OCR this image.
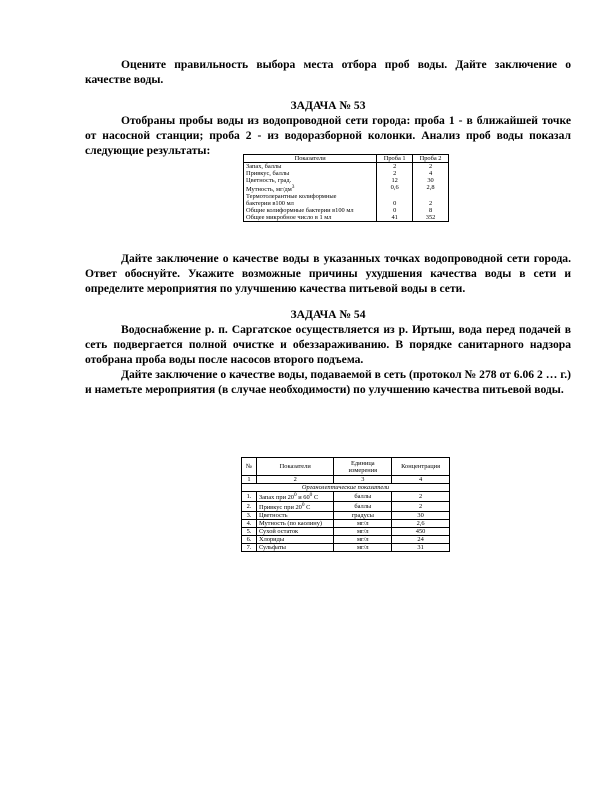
Оцените правильность выбора места отбора проб воды. Дайте заключение о качестве воды.

ЗАДАЧА № 53

Отобраны пробы воды из водопроводной сети города: проба 1 - в ближайшей точке от насосной станции; проба 2 - из водоразборной колонки. Анализ проб воды показал следующие результаты:

Показатели	Проба 1	Проба 2
Запах, баллы	2	2
Привкус, баллы	2	4
Цветность, град.	12	30
Мутность, $мг/дм^3$	0,6	2,8
Термотолерантные колиформные		
бактерии в100 мл	0	2
Общие колиформные бактерии в100 мл	0	8
Общее микробное число в 1 мл	41	352

Дайте заключение о качестве воды в указанных точках водопроводной сети города. Ответ обоснуйте. Укажите возможные причины ухудшения качества воды в сети и определите мероприятия по улучшению качества питьевой воды в сети.

ЗАДАЧА № 54

Водоснабжение р. п. Саргатское осуществляется из р. Иртыш, вода перед подачей в сеть подвергается полной очистке и обеззараживанию. В порядке санитарного надзора отобрана проба воды после насосов второго подъема.

Дайте заключение о качестве воды, подаваемой в сеть (протокол № 278 от 6.06 2 … г.) и наметьте мероприятия (в случае необходимости) по улучшению качества питьевой воды.

№	Показатели	Единица измерения	Концентрация
1	2	3	4
Органолептические показатели			
1.	Запах при $20^0$ и $60^0$ С	баллы	2
2.	Привкус при $20^0$ С	баллы	2
3.	Цветность	градусы	30
4.	Мутность (по каолину)	мг/л	2,6
5.	Сухой остаток	мг/л	450
6.	Хлориды	мг/л	24
7.	Сульфаты	мг/л	31
